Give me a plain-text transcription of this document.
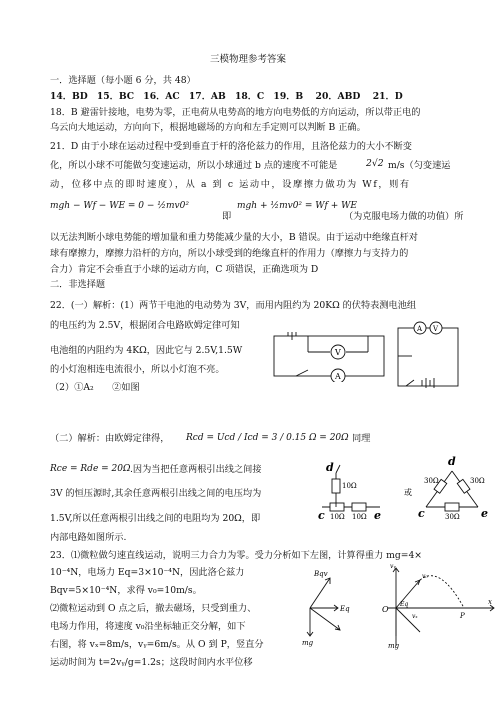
三模物理参考答案
一．选择题（每小题 6 分，共 48）
14．BD　15．BC　16．AC　17．AB　18．C　19．B　 20．ABD　 21．D
18．B 避雷针接地，电势为零，正电荷从电势高的地方向电势低的方向运动，所以带正电的
乌云向大地运动，方向向下，根据地磁场的方向和左手定则可以判断 B 正确。
21．D 由于小球在运动过程中受到垂直于杆的洛伦兹力的作用，且洛伦兹力的大小不断变
化，所以小球不可能做匀变速运动，所以小球通过 b 点的速度不可能是	2√2 m/s（匀变速运
动，位移中点的即时速度），从 a 到 c 运动中，设摩擦力做功为 Wf，则有
mgh − Wf − WE = 0 − ½mv0²
即
mgh + ½mv0² = Wf + WE
（为克服电场力做的功值）所
以无法判断小球电势能的增加量和重力势能减少量的大小，B 错误。由于运动中绝缘直杆对
球有摩擦力，摩擦力沿杆的方向，所以小球受到的绝缘直杆的作用力（摩擦力与支持力的
合力）肯定不会垂直于小球的运动方向，C 项错误，正确选项为 D
二．非选择题
22．(一）解析：(1）两节干电池的电动势为 3V，而用内阻约为 20KΩ 的伏特表测电池组
的电压约为 2.5V，根据闭合电路欧姆定律可知
电池组的内阻约为 4KΩ，因此它与 2.5V,1.5W
的小灯泡相连电流很小，所以小灯泡不亮。
（2）①A₂　　②如图
V
A
A V
（二）解析：由欧姆定律得， Rcd = Ucd / Icd = 3 / 0.15 Ω = 20Ω 同理
Rce = Rde = 20Ω .因为当把任意两根引出线之间接
3V 的恒压源时,其余任意两根引出线之间的电压均为
1.5V,所以任意两根引出线之间的电阻均为 20Ω，即
内部电路如图所示.
d
10Ω
c 10Ω 10Ω e
或
d
30Ω	30Ω
c	30Ω e
23．⑴微粒做匀速直线运动，说明三力合力为零。受力分析如下左图，计算得重力 mg=4×
10⁻⁴N，电场力 Eq=3×10⁻⁴N，因此洛仑兹力
Bqv=5×10⁻⁴N，求得 v₀=10m/s。
⑵微粒运动到 O 点之后，撤去磁场，只受到重力、
电场力作用，将速度 v₀沿坐标轴正交分解，如下
右图，将 vₓ=8m/s，vᵧ=6m/s。从 O 到 P，竖直分
运动时间为 t=2vᵧ/g=1.2s；这段时间内水平位移
Bqv
Eq
mg
vᵧ
v₀
O
Eq
vₓ	P
x
mg
